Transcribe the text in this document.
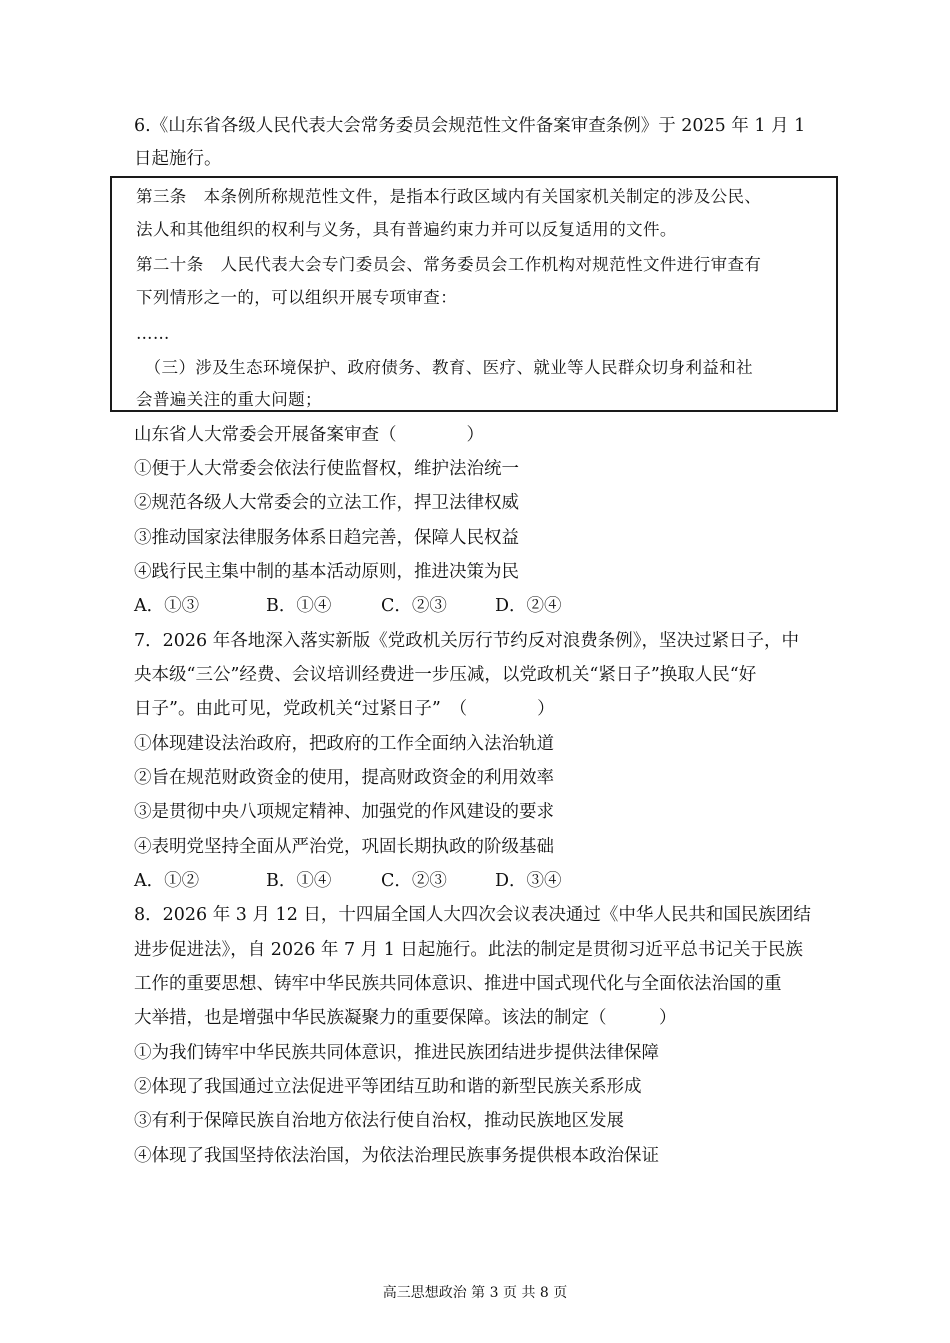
6.《山东省各级人民代表大会常务委员会规范性文件备案审查条例》于 2025 年 1 月 1
日起施行。
第三条　本条例所称规范性文件，是指本行政区域内有关国家机关制定的涉及公民、
法人和其他组织的权利与义务，具有普遍约束力并可以反复适用的文件。
第二十条　人民代表大会专门委员会、常务委员会工作机构对规范性文件进行审查有
下列情形之一的，可以组织开展专项审查：
……
　（三）涉及生态环境保护、政府债务、教育、医疗、就业等人民群众切身利益和社
会普遍关注的重大问题；
山东省人大常委会开展备案审查（　　　　）
①便于人大常委会依法行使监督权，维护法治统一
②规范各级人大常委会的立法工作，捍卫法律权威
③推动国家法律服务体系日趋完善，保障人民权益
④践行民主集中制的基本活动原则，推进决策为民
A．①③	B．①④	C．②③	D．②④
7．2026 年各地深入落实新版《党政机关厉行节约反对浪费条例》，坚决过紧日子，中
央本级“三公”经费、会议培训经费进一步压减，以党政机关“紧日子”换取人民“好
日子”。由此可见，党政机关“过紧日子”　（　　　　）
①体现建设法治政府，把政府的工作全面纳入法治轨道
②旨在规范财政资金的使用，提高财政资金的利用效率
③是贯彻中央八项规定精神、加强党的作风建设的要求
④表明党坚持全面从严治党，巩固长期执政的阶级基础
A．①②	B．①④	C．②③	D．③④
8．2026 年 3 月 12 日，十四届全国人大四次会议表决通过《中华人民共和国民族团结
进步促进法》，自 2026 年 7 月 1 日起施行。此法的制定是贯彻习近平总书记关于民族
工作的重要思想、铸牢中华民族共同体意识、推进中国式现代化与全面依法治国的重
大举措，也是增强中华民族凝聚力的重要保障。该法的制定（　　　）
①为我们铸牢中华民族共同体意识，推进民族团结进步提供法律保障
②体现了我国通过立法促进平等团结互助和谐的新型民族关系形成
③有利于保障民族自治地方依法行使自治权，推动民族地区发展
④体现了我国坚持依法治国，为依法治理民族事务提供根本政治保证
高三思想政治 第 3 页 共 8 页
